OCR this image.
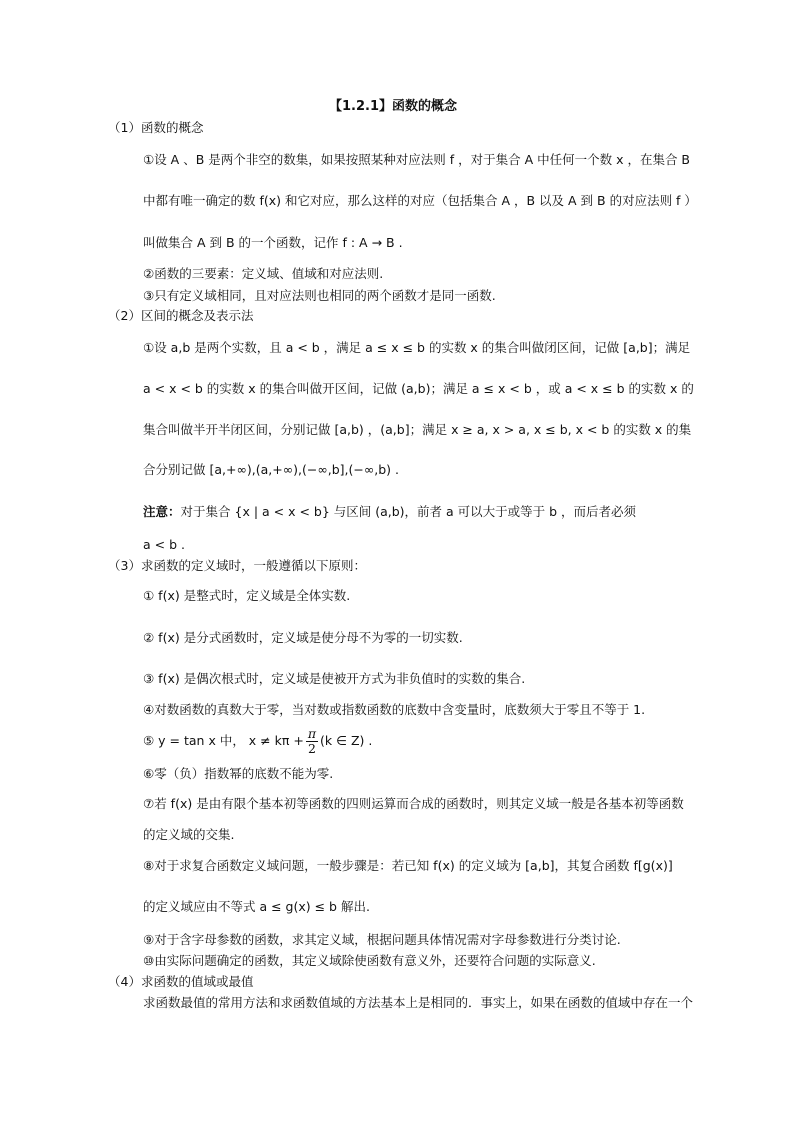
【1.2.1】函数的概念
（1）函数的概念
①设 A 、B 是两个非空的数集，如果按照某种对应法则 f ，对于集合 A 中任何一个数 x ，在集合 B
中都有唯一确定的数 f(x) 和它对应，那么这样的对应（包括集合 A ，B 以及 A 到 B 的对应法则 f ）
叫做集合 A 到 B 的一个函数，记作 f : A → B .
②函数的三要素：定义域、值域和对应法则.
③只有定义域相同，且对应法则也相同的两个函数才是同一函数.
（2）区间的概念及表示法
①设 a,b 是两个实数，且 a < b ，满足 a ≤ x ≤ b 的实数 x 的集合叫做闭区间，记做 [a,b]；满足
a < x < b 的实数 x 的集合叫做开区间，记做 (a,b)；满足 a ≤ x < b ，或 a < x ≤ b 的实数 x 的
集合叫做半开半闭区间，分别记做 [a,b) ，(a,b]；满足 x ≥ a, x > a, x ≤ b, x < b 的实数 x 的集
合分别记做 [a,+∞),(a,+∞),(−∞,b],(−∞,b) .
注意：对于集合 {x | a < x < b} 与区间 (a,b)，前者 a 可以大于或等于 b ，而后者必须
a < b .
（3）求函数的定义域时，一般遵循以下原则：
① f(x) 是整式时，定义域是全体实数.
② f(x) 是分式函数时，定义域是使分母不为零的一切实数.
③ f(x) 是偶次根式时，定义域是使被开方式为非负值时的实数的集合.
④对数函数的真数大于零，当对数或指数函数的底数中含变量时，底数须大于零且不等于 1.
⑤ y = tan x 中， $x \ne k\pi + \frac{\pi}{2} (k$ ∈ Z) .
⑥零（负）指数幂的底数不能为零.
⑦若 f(x) 是由有限个基本初等函数的四则运算而合成的函数时，则其定义域一般是各基本初等函数
的定义域的交集.
⑧对于求复合函数定义域问题，一般步骤是：若已知 f(x) 的定义域为 [a,b]，其复合函数 f[g(x)]
的定义域应由不等式 a ≤ g(x) ≤ b 解出.
⑨对于含字母参数的函数，求其定义域，根据问题具体情况需对字母参数进行分类讨论.
⑩由实际问题确定的函数，其定义域除使函数有意义外，还要符合问题的实际意义.
（4）求函数的值域或最值
求函数最值的常用方法和求函数值域的方法基本上是相同的．事实上，如果在函数的值域中存在一个
